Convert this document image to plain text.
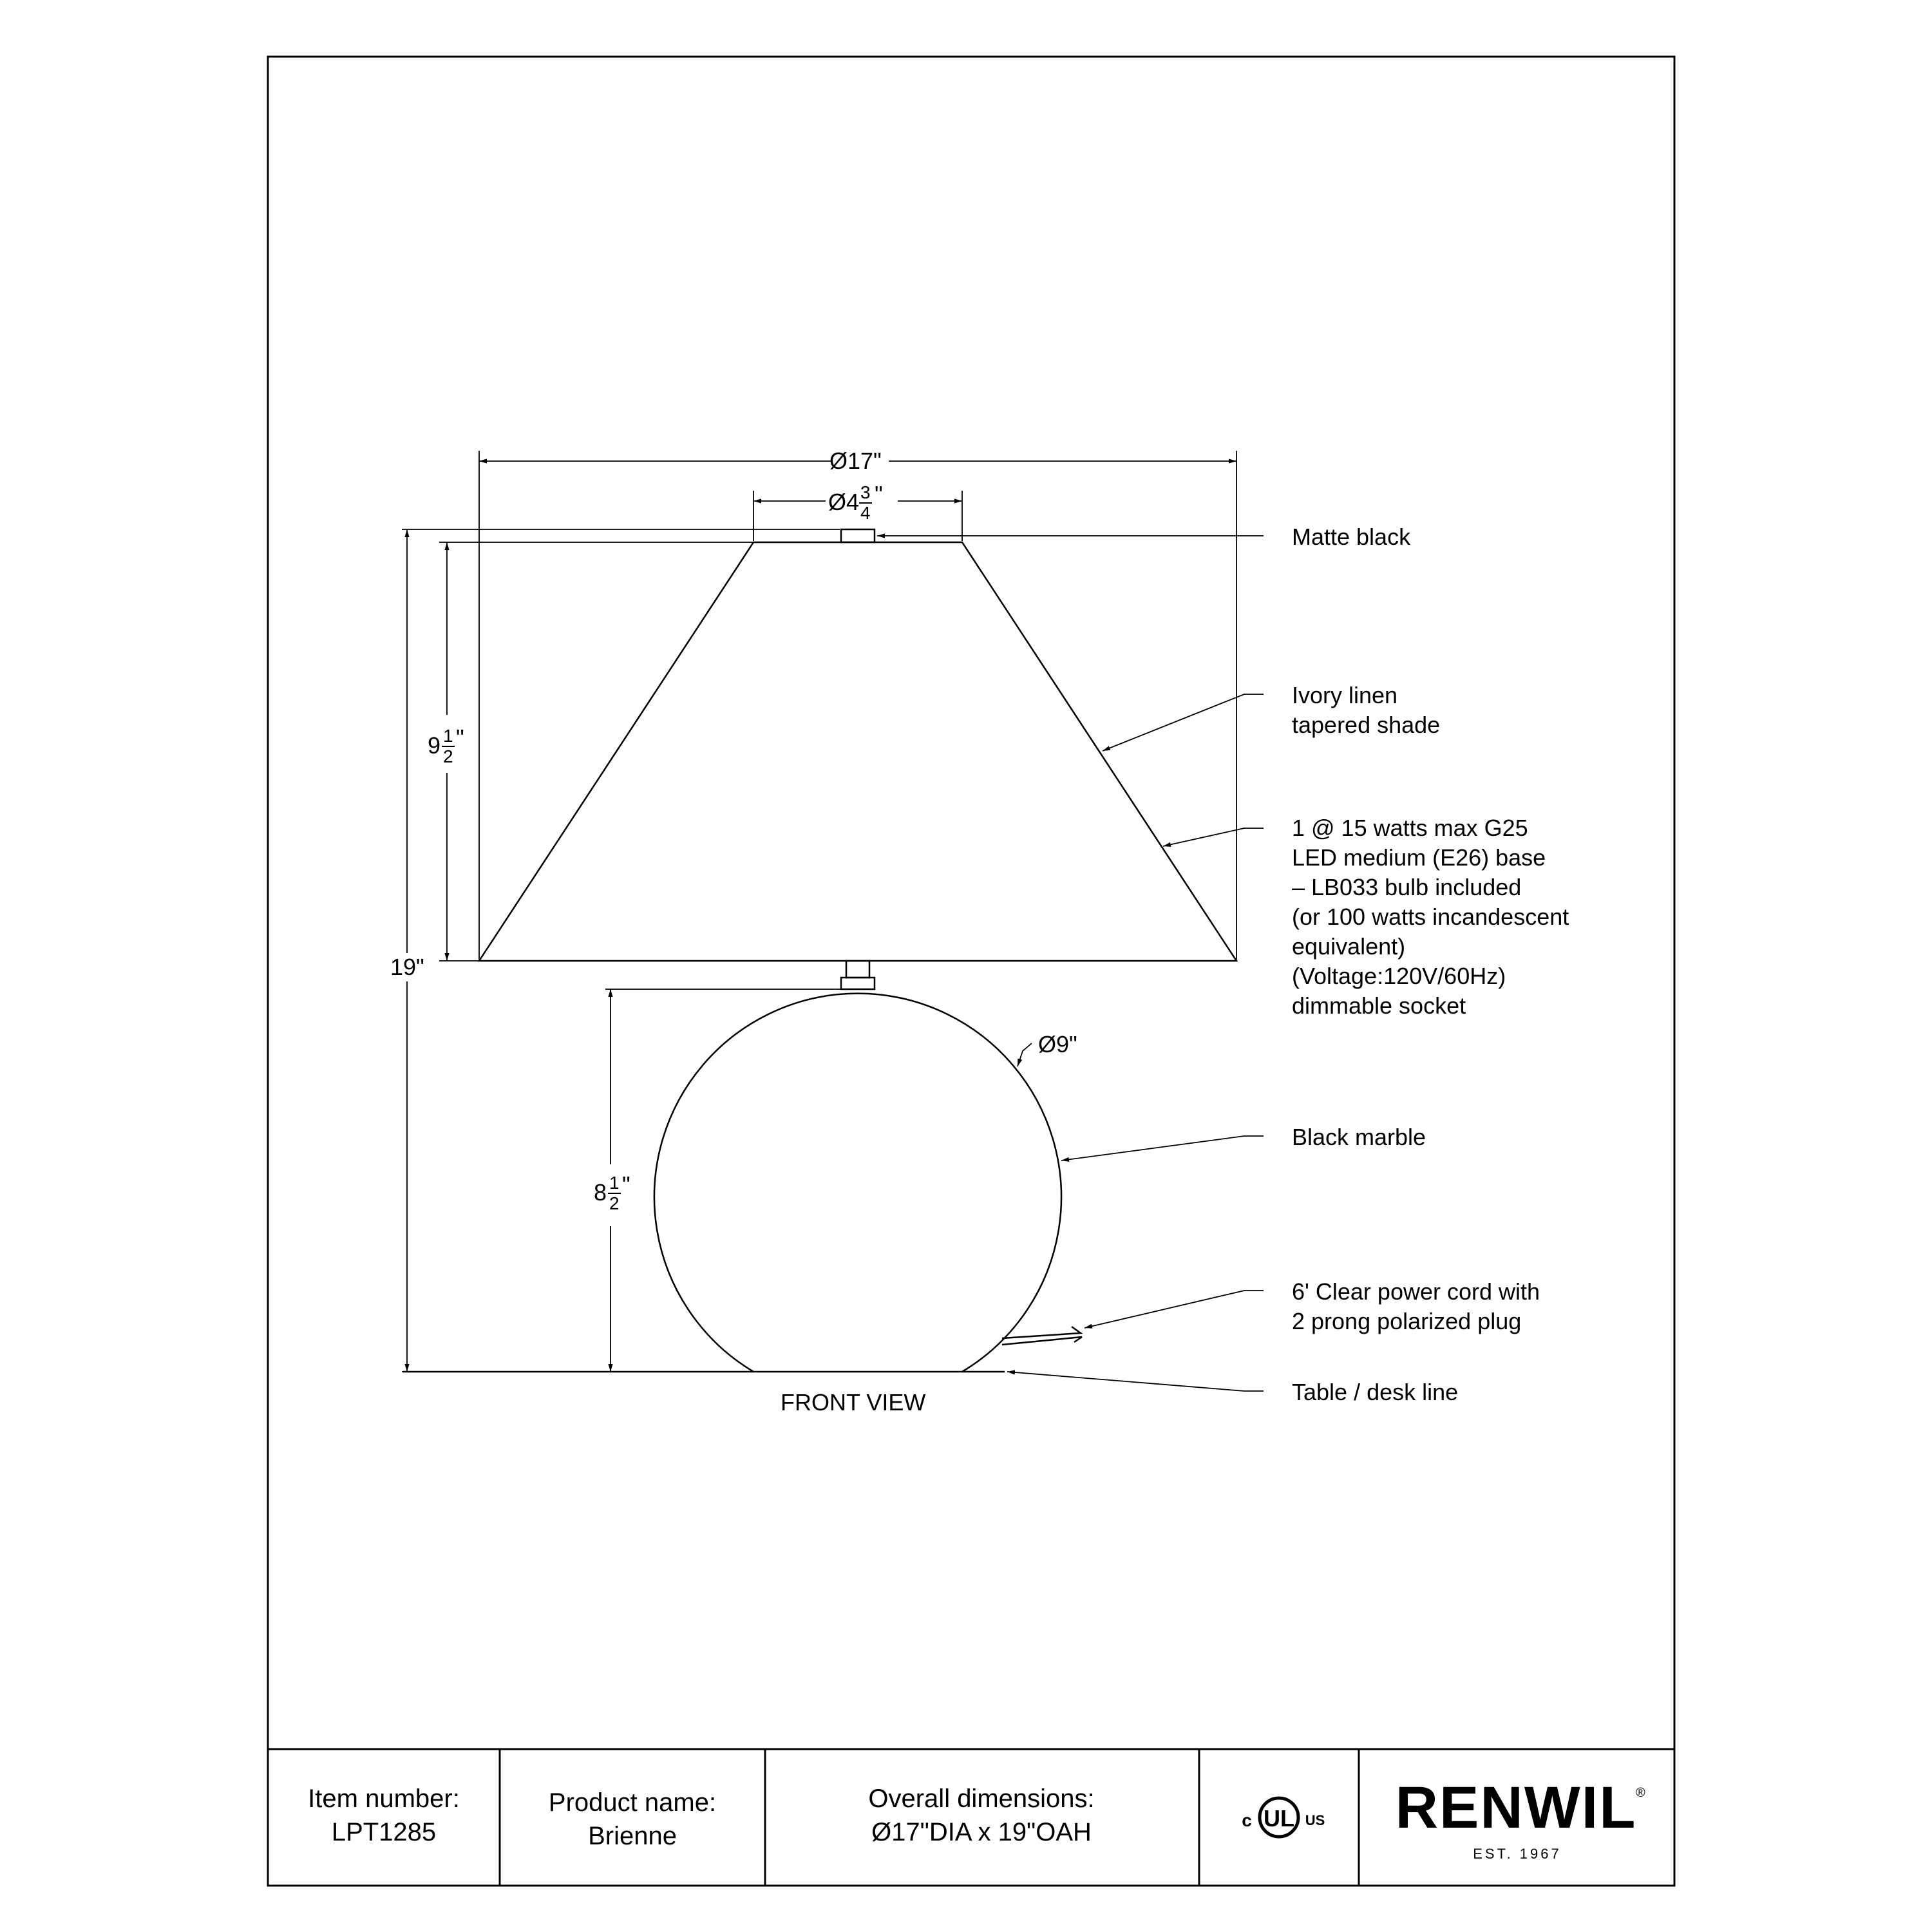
Ø17"
Ø4 3
4
"
9 1
2
"
19"
8 1
2
"
Ø9"
FRONT VIEW
Matte black
Ivory linen
tapered shade
1 @ 15 watts max G25
LED medium (E26) base
– LB033 bulb included
(or 100 watts incandescent
equivalent)
(Voltage:120V/60Hz)
dimmable socket
Black marble
6' Clear power cord with
2 prong polarized plug
Table / desk line
Item number:
LPT1285
Product name:
Brienne
Overall dimensions:
Ø17"DIA x 19"OAH	UL
c	US RENWIL
®
EST. 1967
